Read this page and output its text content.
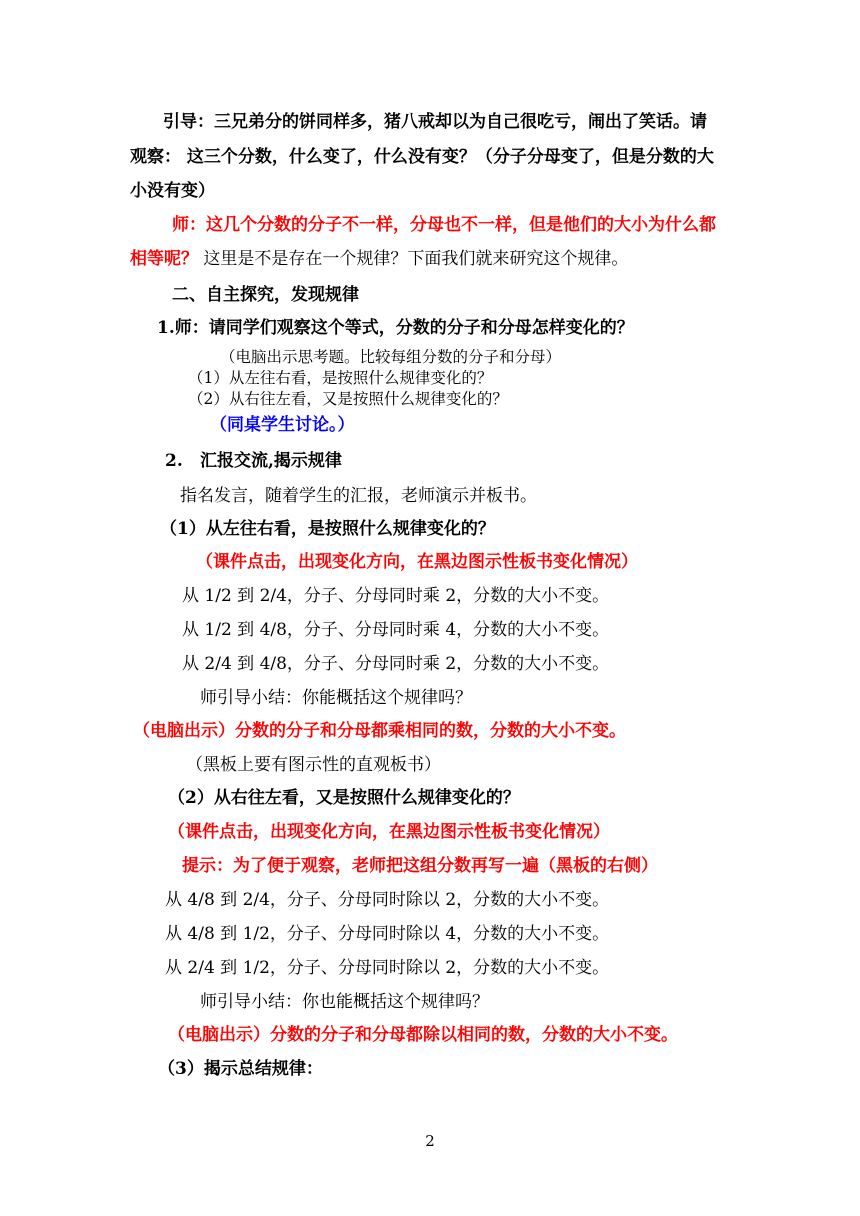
引导：三兄弟分的饼同样多，猪八戒却以为自己很吃亏，闹出了笑话。请
观察： 这三个分数，什么变了，什么没有变？（分子分母变了，但是分数的大
小没有变）
师：这几个分数的分子不一样，分母也不一样，但是他们的大小为什么都
相等呢？ 这里是不是存在一个规律？下面我们就来研究这个规律。
二、自主探究，发现规律
1.师：请同学们观察这个等式，分数的分子和分母怎样变化的？
（电脑出示思考题。比较每组分数的分子和分母）
（1）从左往右看，是按照什么规律变化的？
（2）从右往左看，又是按照什么规律变化的？
（同桌学生讨论。）
2. 汇报交流,揭示规律
指名发言，随着学生的汇报，老师演示并板书。
（1）从左往右看，是按照什么规律变化的？
（课件点击，出现变化方向，在黑边图示性板书变化情况）
从 1/2 到 2/4，分子、分母同时乘 2，分数的大小不变。
从 1/2 到 4/8，分子、分母同时乘 4，分数的大小不变。
从 2/4 到 4/8，分子、分母同时乘 2，分数的大小不变。
师引导小结：你能概括这个规律吗？
（电脑出示）分数的分子和分母都乘相同的数，分数的大小不变。
（黑板上要有图示性的直观板书）
（2）从右往左看，又是按照什么规律变化的？
（课件点击，出现变化方向，在黑边图示性板书变化情况）
提示：为了便于观察，老师把这组分数再写一遍（黑板的右侧）
从 4/8 到 2/4，分子、分母同时除以 2，分数的大小不变。
从 4/8 到 1/2，分子、分母同时除以 4，分数的大小不变。
从 2/4 到 1/2，分子、分母同时除以 2，分数的大小不变。
师引导小结：你也能概括这个规律吗？
（电脑出示）分数的分子和分母都除以相同的数，分数的大小不变。
（3）揭示总结规律：
2
